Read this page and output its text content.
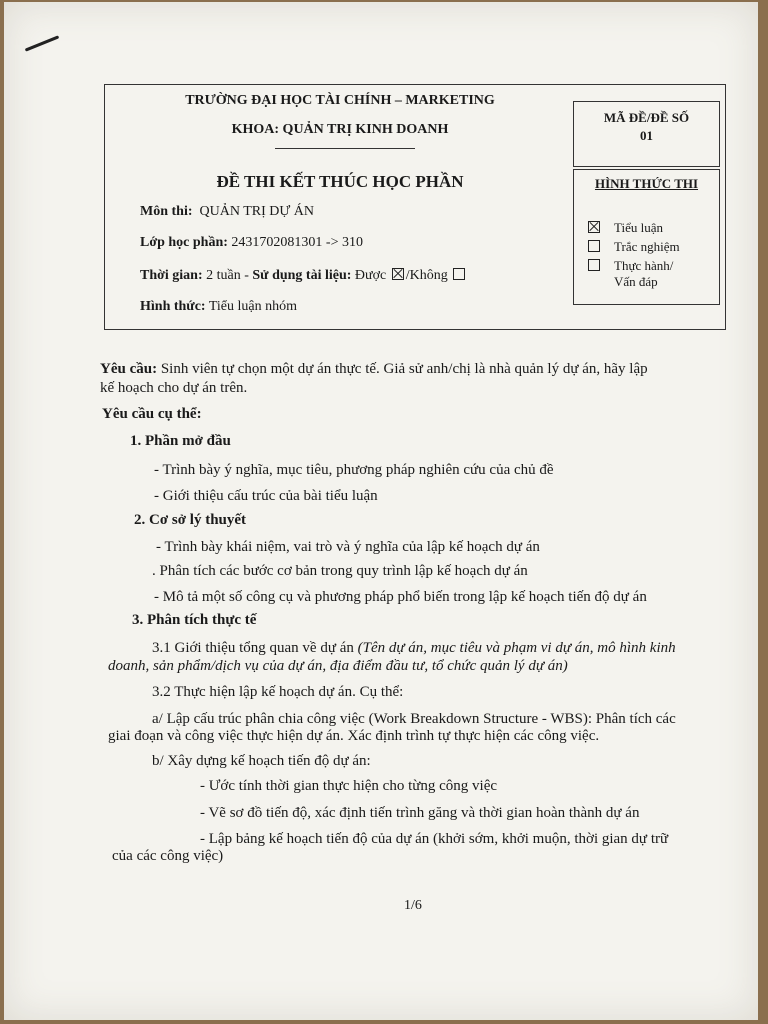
TRƯỜNG ĐẠI HỌC TÀI CHÍNH – MARKETING
KHOA: QUẢN TRỊ KINH DOANH
ĐỀ THI KẾT THÚC HỌC PHẦN
Môn thi: QUẢN TRỊ DỰ ÁN
Lớp học phần: 2431702081301 -> 310
Thời gian: 2 tuần - Sử dụng tài liệu: Được /Không
Hình thức: Tiểu luận nhóm
MÃ ĐỀ/ĐỀ SỐ
01
HÌNH THỨC THI
Tiểu luận
Trắc nghiệm
Thực hành/
Vấn đáp
Yêu cầu: Sinh viên tự chọn một dự án thực tế. Giả sử anh/chị là nhà quản lý dự án, hãy lập
kế hoạch cho dự án trên.
Yêu cầu cụ thể:
1. Phần mở đầu
- Trình bày ý nghĩa, mục tiêu, phương pháp nghiên cứu của chủ đề
- Giới thiệu cấu trúc của bài tiểu luận
2. Cơ sở lý thuyết
- Trình bày khái niệm, vai trò và ý nghĩa của lập kế hoạch dự án
. Phân tích các bước cơ bản trong quy trình lập kế hoạch dự án
- Mô tả một số công cụ và phương pháp phổ biến trong lập kế hoạch tiến độ dự án
3. Phân tích thực tế
3.1 Giới thiệu tổng quan về dự án (Tên dự án, mục tiêu và phạm vi dự án, mô hình kinh
doanh, sản phẩm/dịch vụ của dự án, địa điểm đầu tư, tổ chức quản lý dự án)
3.2 Thực hiện lập kế hoạch dự án. Cụ thể:
a/ Lập cấu trúc phân chia công việc (Work Breakdown Structure - WBS): Phân tích các
giai đoạn và công việc thực hiện dự án. Xác định trình tự thực hiện các công việc.
b/ Xây dựng kế hoạch tiến độ dự án:
- Ước tính thời gian thực hiện cho từng công việc
- Vẽ sơ đồ tiến độ, xác định tiến trình găng và thời gian hoàn thành dự án
- Lập bảng kế hoạch tiến độ của dự án (khởi sớm, khởi muộn, thời gian dự trữ
của các công việc)
1/6
